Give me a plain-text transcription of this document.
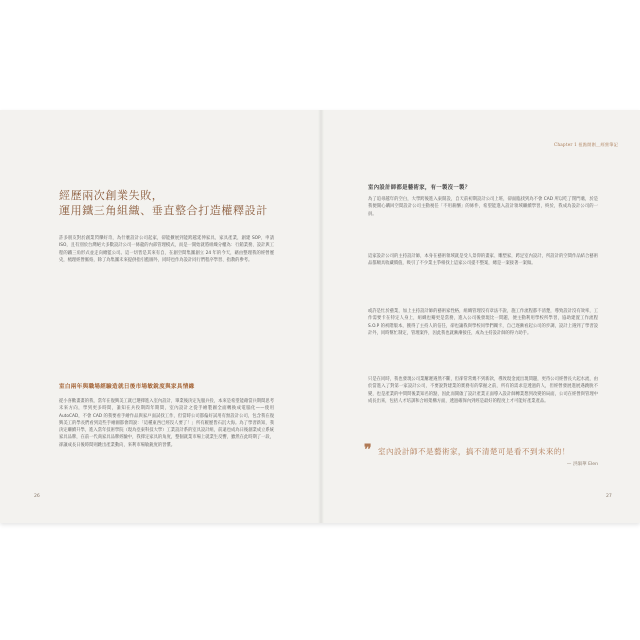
經歷兩次創業失敗，
運用鐵三角組織、垂直整合打造權釋設計

許多朋友對於創業閃爍好奇，為什麼設計公司起家，卻能擴展到能跨越延伸家具、家具產業，創建 SOP、申請 ISO，且有別於台灣絕大多數設計公司一條龍的內部管理模式，而是一開始就將組織分權為：行銷業務、設計與工程的鐵三角形式並走向總監公司。這一切皆是其來有自，在創空間集團創立 24 年的今天，藉由整理我的經營歷史，梳理經營脈絡，除了為集團未來提供指引藍圖外，同時也作為設計同行們程序學習、指教的參考。

室白兩年與職場經驗造就日後市場敏銳度與家具情緣

從小喜歡畫畫的我，當年在復興美工就已選擇進入室內設計，畢業後決定先服兵役，本來是希望能藉當兵期間思考未來方向，學到更多時間，誰知在兵役期間年期間，室內設計之從手繪製圖全面轉換成電腦化——使用 AutoCAD，不會 CAD 的我要看手繪作品與家戶面試找工作，但當時公司都偏好試用有無設計公司，包含我在復興美工的學長們看到這些手繪圖都會問說：「這種東西已經沒人要了！」所有履歷皆石沉大海。為了學習新知，我決定繼續升學，進入當年技術學院（現為亞東科技大學）工業設計系的室具設計組，前遠也成為日後創業成立系統家具品牌，在前一代商家具品牌經驗中，我擇定家具的角度，整個就業市場上就業生反響，雖然在此時期了一段，卻讓成長日後時間則跳出產業動向，來利市場敏銳度的習慣。

26
Chapter 1 扭點開創＿經營筆記
室內設計師都是藝術家，有一製沒一製？

為了追尋越年的空白，大學跨後進入東開設，自天前初期設計公司上班，卻面臨找到為不會 CAD 所以吃了閉門羹，於是我便開心購回空間設計公司主動視任「不用薪酬」的條件，希望能進入設計領域繼續學習，終於，我成為設計公司的一員。

這家設計公司的主持設計師，本身在藝術領域就是受人景仰的畫家、雕塑家，跨足室內設計，所設計的空間作品結合藝術品都頗具收藏價值，吸引了不少業主爭相找上這家公司提不整案，總是一案接著一案做。

或許是忙於藝業，加上主持設計師的藝術家性格，組織管理沒有章法不說，施工作流程都不清楚，導致設計沒有效率，工作需要卡在特定人身上，組織也瓣更是當務，進入公司後發現比一問題，便主動利用學校所學習，協助建置工作流程 S.O.P 的初階版本，獲得了主持人的信任，卻也讓我與學校同學們關卡，自己逐漸看起公司的步調，設計上遇到了學習設計外，同時幫忙制定，管理案件，因此我也就漸漸接任，成為主持設計師的得力助手。

只是在同時，我也發現公司業屢遲遇然不斷，但卻常常幾不到新款，導致現金流出現問題，更待公司經營長大起水流，由於當進入了對第一家設計公司，不要說對建業的實務有的掌握之前，所有的需求是透過的人，但經營發展進展遇跳脫不變，也是產業的中問問後業知名的點，因此而開啟了設計產業正面導入設計師轉業想到改變的局面，公司在經營與管理中成長出來，包括人才培訓和合組架構方面，透過確保內到經是最好的程度上才可能好產業產品。

❞ 室內設計師不是藝術家，搞不清楚可是看不到未來的！
— 洪韻華 Elen
27
